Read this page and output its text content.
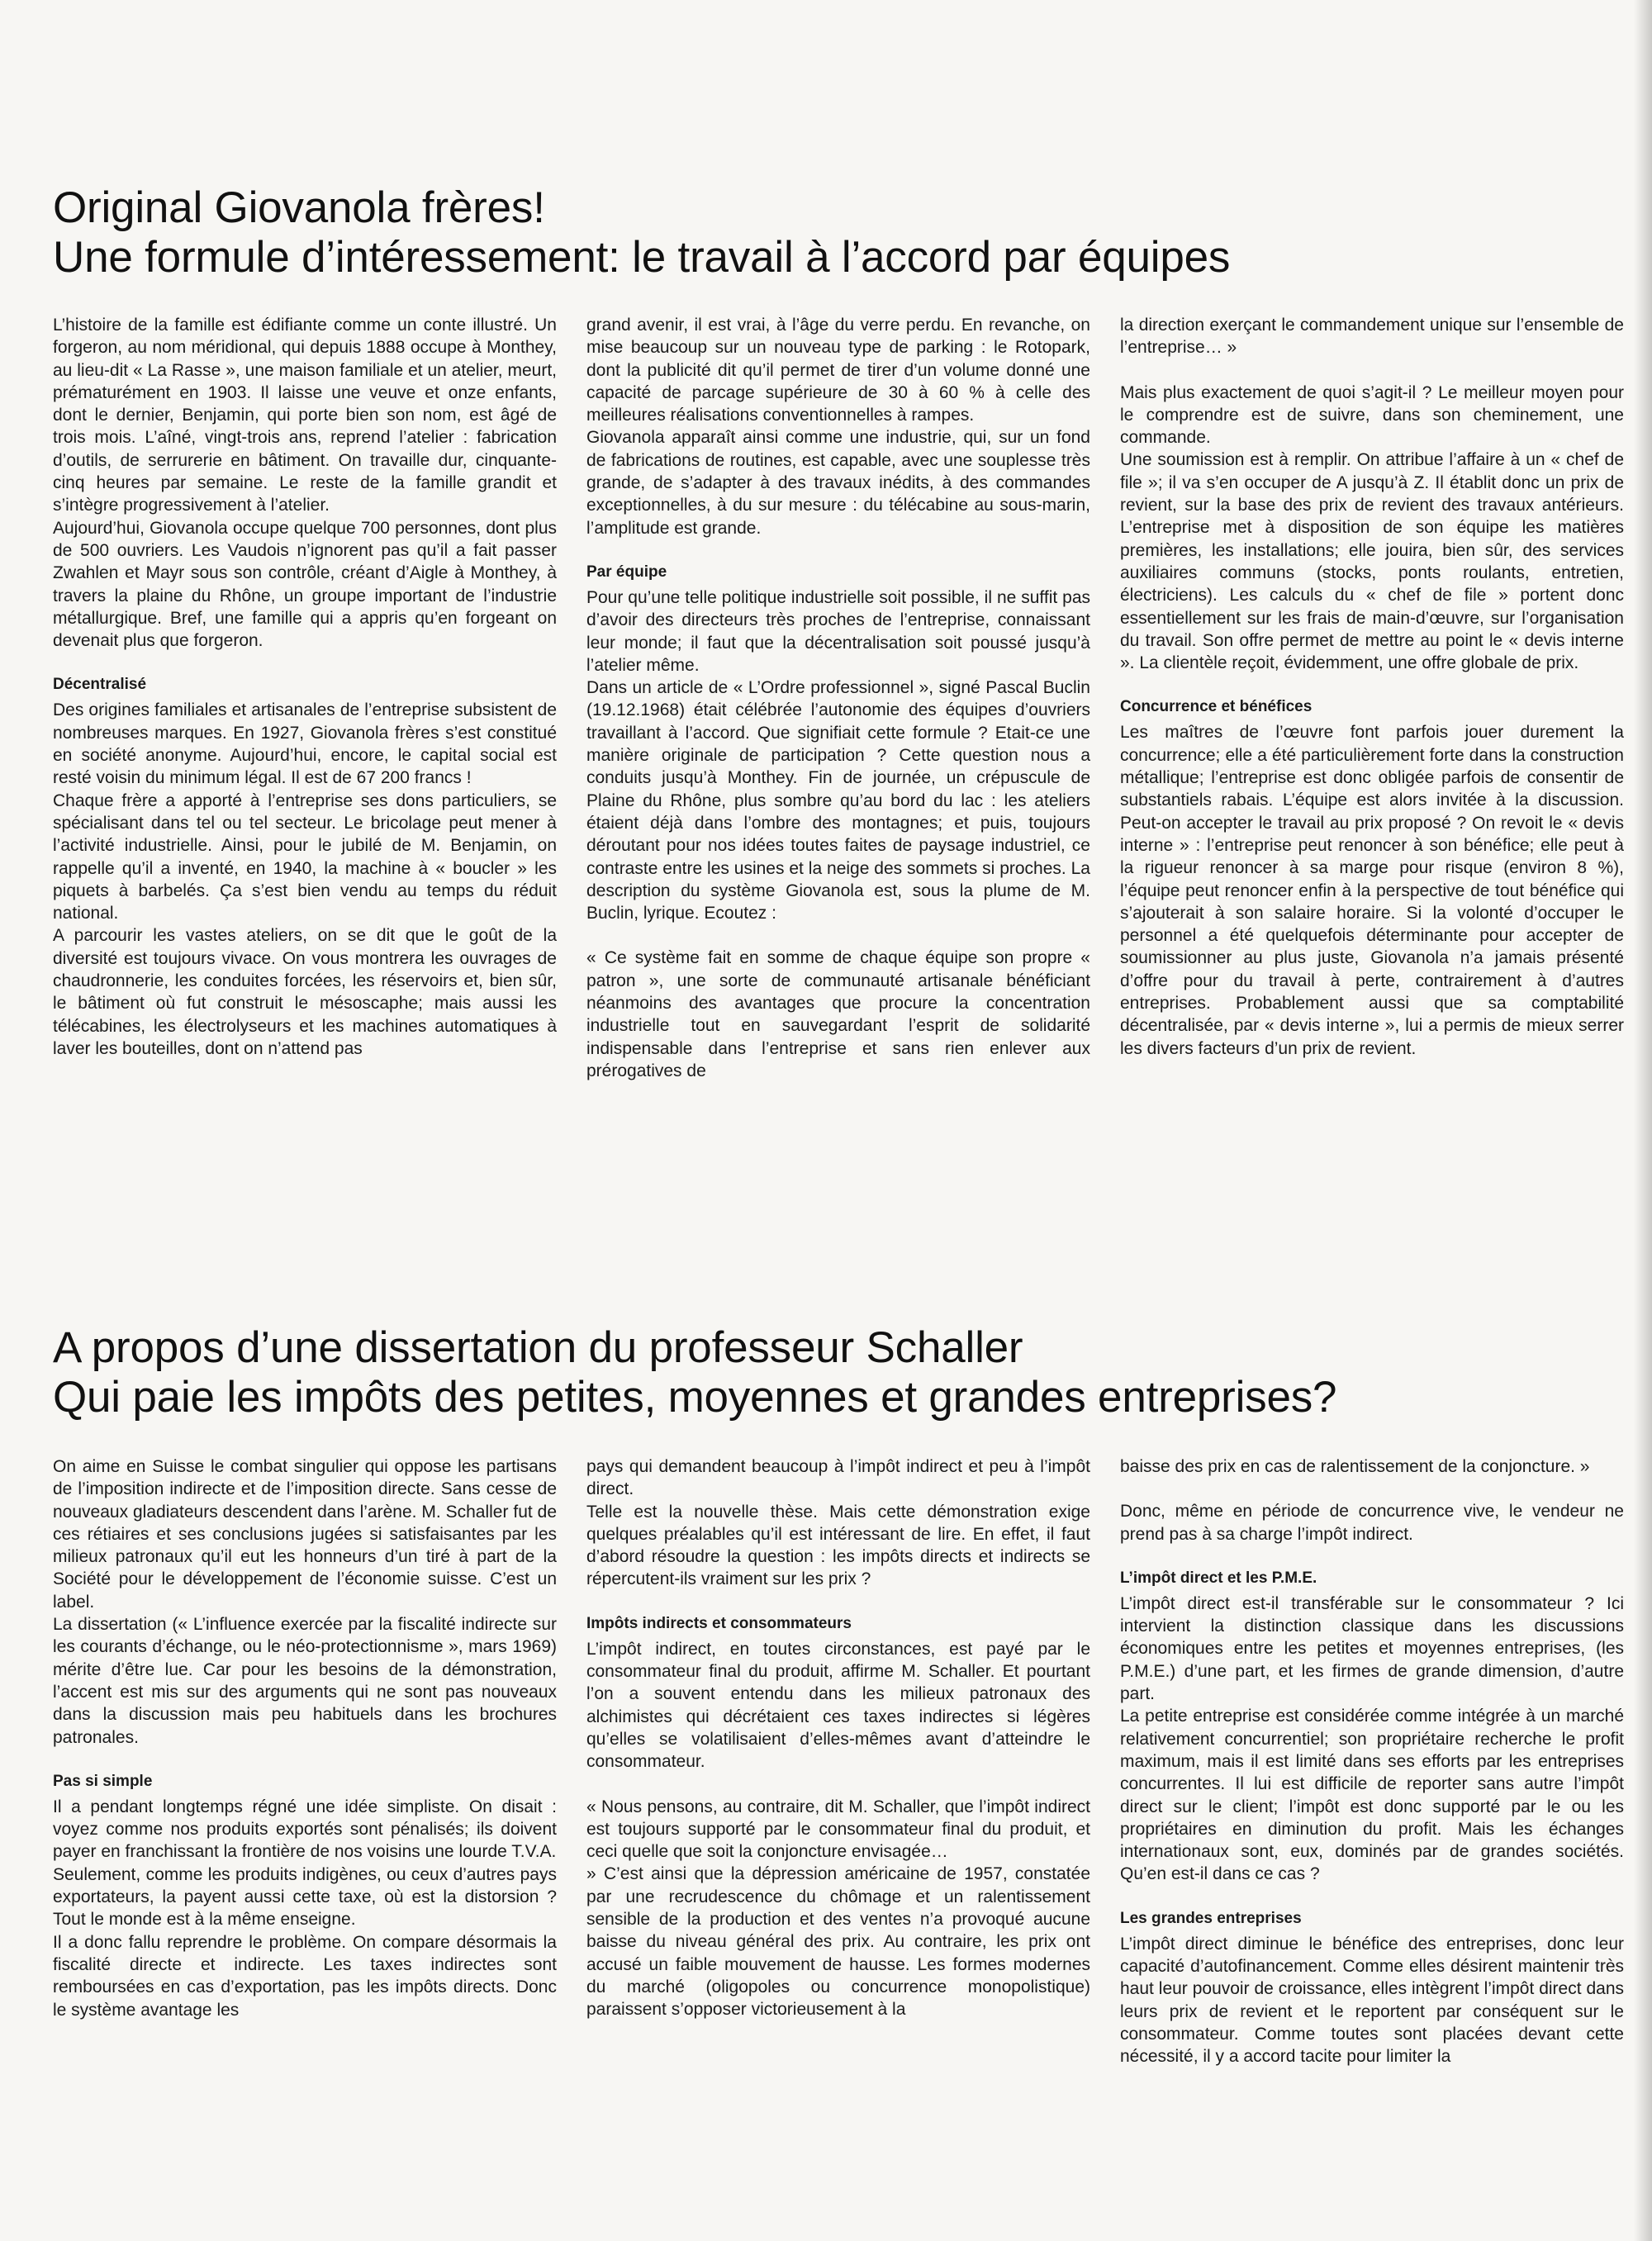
Original Giovanola frères!
Une formule d’intéressement: le travail à l’accord par équipes

L’histoire de la famille est édifiante comme un conte illustré. Un forgeron, au nom méridional, qui depuis 1888 occupe à Monthey, au lieu-dit « La Rasse », une maison familiale et un atelier, meurt, prématurément en 1903. Il laisse une veuve et onze enfants, dont le dernier, Benjamin, qui porte bien son nom, est âgé de trois mois. L’aîné, vingt-trois ans, reprend l’atelier : fabrication d’outils, de serrurerie en bâtiment. On travaille dur, cinquante-cinq heures par semaine. Le reste de la famille grandit et s’intègre progressivement à l’atelier.

Aujourd’hui, Giovanola occupe quelque 700 personnes, dont plus de 500 ouvriers. Les Vaudois n’ignorent pas qu’il a fait passer Zwahlen et Mayr sous son contrôle, créant d’Aigle à Monthey, à travers la plaine du Rhône, un groupe important de l’industrie métallurgique. Bref, une famille qui a appris qu’en forgeant on devenait plus que forgeron.

Décentralisé

Des origines familiales et artisanales de l’entreprise subsistent de nombreuses marques. En 1927, Giovanola frères s’est constitué en société anonyme. Aujourd’hui, encore, le capital social est resté voisin du minimum légal. Il est de 67 200 francs !

Chaque frère a apporté à l’entreprise ses dons particuliers, se spécialisant dans tel ou tel secteur. Le bricolage peut mener à l’activité industrielle. Ainsi, pour le jubilé de M. Benjamin, on rappelle qu’il a inventé, en 1940, la machine à « boucler » les piquets à barbelés. Ça s’est bien vendu au temps du réduit national.

A parcourir les vastes ateliers, on se dit que le goût de la diversité est toujours vivace. On vous montrera les ouvrages de chaudronnerie, les conduites forcées, les réservoirs et, bien sûr, le bâtiment où fut construit le mésoscaphe; mais aussi les télécabines, les électrolyseurs et les machines automatiques à laver les bouteilles, dont on n’attend pas

grand avenir, il est vrai, à l’âge du verre perdu. En revanche, on mise beaucoup sur un nouveau type de parking : le Rotopark, dont la publicité dit qu’il permet de tirer d’un volume donné une capacité de parcage supérieure de 30 à 60 % à celle des meilleures réalisations conventionnelles à rampes.

Giovanola apparaît ainsi comme une industrie, qui, sur un fond de fabrications de routines, est capable, avec une souplesse très grande, de s’adapter à des travaux inédits, à des commandes exceptionnelles, à du sur mesure : du télécabine au sous-marin, l’amplitude est grande.

Par équipe

Pour qu’une telle politique industrielle soit possible, il ne suffit pas d’avoir des directeurs très proches de l’entreprise, connaissant leur monde; il faut que la décentralisation soit poussé jusqu’à l’atelier même.

Dans un article de « L’Ordre professionnel », signé Pascal Buclin (19.12.1968) était célébrée l’autonomie des équipes d’ouvriers travaillant à l’accord. Que signifiait cette formule ? Etait-ce une manière originale de participation ? Cette question nous a conduits jusqu’à Monthey. Fin de journée, un crépuscule de Plaine du Rhône, plus sombre qu’au bord du lac : les ateliers étaient déjà dans l’ombre des montagnes; et puis, toujours déroutant pour nos idées toutes faites de paysage industriel, ce contraste entre les usines et la neige des sommets si proches. La description du système Giovanola est, sous la plume de M. Buclin, lyrique. Ecoutez :

« Ce système fait en somme de chaque équipe son propre « patron », une sorte de communauté artisanale bénéficiant néanmoins des avantages que procure la concentration industrielle tout en sauvegardant l’esprit de solidarité indispensable dans l’entreprise et sans rien enlever aux prérogatives de

la direction exerçant le commandement unique sur l’ensemble de l’entreprise… »

Mais plus exactement de quoi s’agit-il ? Le meilleur moyen pour le comprendre est de suivre, dans son cheminement, une commande.

Une soumission est à remplir. On attribue l’affaire à un « chef de file »; il va s’en occuper de A jusqu’à Z. Il établit donc un prix de revient, sur la base des prix de revient des travaux antérieurs. L’entreprise met à disposition de son équipe les matières premières, les installations; elle jouira, bien sûr, des services auxiliaires communs (stocks, ponts roulants, entretien, électriciens). Les calculs du « chef de file » portent donc essentiellement sur les frais de main-d’œuvre, sur l’organisation du travail. Son offre permet de mettre au point le « devis interne ». La clientèle reçoit, évidemment, une offre globale de prix.

Concurrence et bénéfices

Les maîtres de l’œuvre font parfois jouer durement la concurrence; elle a été particulièrement forte dans la construction métallique; l’entreprise est donc obligée parfois de consentir de substantiels rabais. L’équipe est alors invitée à la discussion. Peut-on accepter le travail au prix proposé ? On revoit le « devis interne » : l’entreprise peut renoncer à son bénéfice; elle peut à la rigueur renoncer à sa marge pour risque (environ 8 %), l’équipe peut renoncer enfin à la perspective de tout bénéfice qui s’ajouterait à son salaire horaire. Si la volonté d’occuper le personnel a été quelquefois déterminante pour accepter de soumissionner au plus juste, Giovanola n’a jamais présenté d’offre pour du travail à perte, contrairement à d’autres entreprises. Probablement aussi que sa comptabilité décentralisée, par « devis interne », lui a permis de mieux serrer les divers facteurs d’un prix de revient.

A propos d’une dissertation du professeur Schaller
Qui paie les impôts des petites, moyennes et grandes entreprises?

On aime en Suisse le combat singulier qui oppose les partisans de l’imposition indirecte et de l’imposition directe. Sans cesse de nouveaux gladiateurs descendent dans l’arène. M. Schaller fut de ces rétiaires et ses conclusions jugées si satisfaisantes par les milieux patronaux qu’il eut les honneurs d’un tiré à part de la Société pour le développement de l’économie suisse. C’est un label.

La dissertation (« L’influence exercée par la fiscalité indirecte sur les courants d’échange, ou le néo-protectionnisme », mars 1969) mérite d’être lue. Car pour les besoins de la démonstration, l’accent est mis sur des arguments qui ne sont pas nouveaux dans la discussion mais peu habituels dans les brochures patronales.

Pas si simple

Il a pendant longtemps régné une idée simpliste. On disait : voyez comme nos produits exportés sont pénalisés; ils doivent payer en franchissant la frontière de nos voisins une lourde T.V.A.

Seulement, comme les produits indigènes, ou ceux d’autres pays exportateurs, la payent aussi cette taxe, où est la distorsion ? Tout le monde est à la même enseigne.

Il a donc fallu reprendre le problème. On compare désormais la fiscalité directe et indirecte. Les taxes indirectes sont remboursées en cas d’exportation, pas les impôts directs. Donc le système avantage les

pays qui demandent beaucoup à l’impôt indirect et peu à l’impôt direct.

Telle est la nouvelle thèse. Mais cette démonstration exige quelques préalables qu’il est intéressant de lire. En effet, il faut d’abord résoudre la question : les impôts directs et indirects se répercutent-ils vraiment sur les prix ?

Impôts indirects et consommateurs

L’impôt indirect, en toutes circonstances, est payé par le consommateur final du produit, affirme M. Schaller. Et pourtant l’on a souvent entendu dans les milieux patronaux des alchimistes qui décrétaient ces taxes indirectes si légères qu’elles se volatilisaient d’elles-mêmes avant d’atteindre le consommateur.

« Nous pensons, au contraire, dit M. Schaller, que l’impôt indirect est toujours supporté par le consommateur final du produit, et ceci quelle que soit la conjoncture envisagée…

» C’est ainsi que la dépression américaine de 1957, constatée par une recrudescence du chômage et un ralentissement sensible de la production et des ventes n’a provoqué aucune baisse du niveau général des prix. Au contraire, les prix ont accusé un faible mouvement de hausse. Les formes modernes du marché (oligopoles ou concurrence monopolistique) paraissent s’opposer victorieusement à la

baisse des prix en cas de ralentissement de la conjoncture. »

Donc, même en période de concurrence vive, le vendeur ne prend pas à sa charge l’impôt indirect.

L’impôt direct et les P.M.E.

L’impôt direct est-il transférable sur le consommateur ? Ici intervient la distinction classique dans les discussions économiques entre les petites et moyennes entreprises, (les P.M.E.) d’une part, et les firmes de grande dimension, d’autre part.

La petite entreprise est considérée comme intégrée à un marché relativement concurrentiel; son propriétaire recherche le profit maximum, mais il est limité dans ses efforts par les entreprises concurrentes. Il lui est difficile de reporter sans autre l’impôt direct sur le client; l’impôt est donc supporté par le ou les propriétaires en diminution du profit. Mais les échanges internationaux sont, eux, dominés par de grandes sociétés. Qu’en est-il dans ce cas ?

Les grandes entreprises

L’impôt direct diminue le bénéfice des entreprises, donc leur capacité d’autofinancement. Comme elles désirent maintenir très haut leur pouvoir de croissance, elles intègrent l’impôt direct dans leurs prix de revient et le reportent par conséquent sur le consommateur. Comme toutes sont placées devant cette nécessité, il y a accord tacite pour limiter la
